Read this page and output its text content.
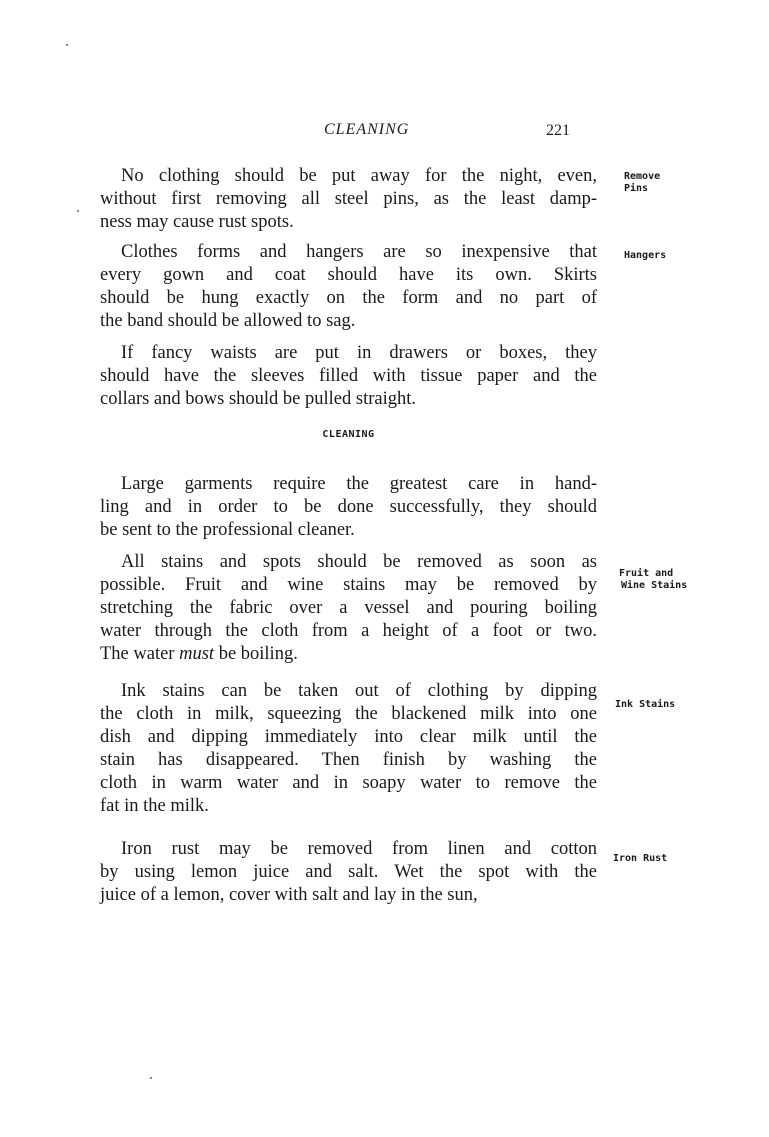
CLEANING	221
CLEANING
No clothing should be put away for the night, even,
without first removing all steel pins, as the least damp-
ness may cause rust spots.
Clothes forms and hangers are so inexpensive that
every gown and coat should have its own. Skirts
should be hung exactly on the form and no part of
the band should be allowed to sag.
If fancy waists are put in drawers or boxes, they
should have the sleeves filled with tissue paper and the
collars and bows should be pulled straight.
Large garments require the greatest care in hand-
ling and in order to be done successfully, they should
be sent to the professional cleaner.
All stains and spots should be removed as soon as
possible. Fruit and wine stains may be removed by
stretching the fabric over a vessel and pouring boiling
water through the cloth from a height of a foot or two.
The water must be boiling.
Ink stains can be taken out of clothing by dipping
the cloth in milk, squeezing the blackened milk into one
dish and dipping immediately into clear milk until the
stain has disappeared. Then finish by washing the
cloth in warm water and in soapy water to remove the
fat in the milk.
Iron rust may be removed from linen and cotton
by using lemon juice and salt. Wet the spot with the
juice of a lemon, cover with salt and lay in the sun,
Remove
Pins
Hangers
Fruit and
Wine Stains
Ink Stains
Iron Rust
